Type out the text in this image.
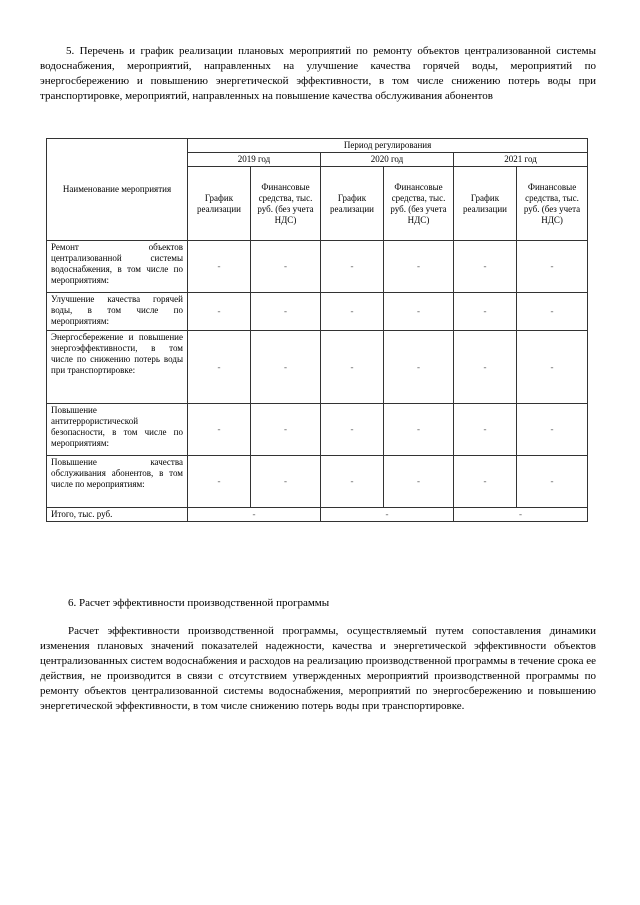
5. Перечень и график реализации плановых мероприятий по ремонту объектов централизованной системы водоснабжения, мероприятий, направленных на улучшение качества горячей воды, мероприятий по энергосбережению и повышению энергетической эффективности, в том числе снижению потерь воды при транспортировке, мероприятий, направленных на повышение качества обслуживания абонентов
Наименование мероприятия	Период регулирования					
	2019 год		2020 год		2021 год	
	График реализации	Финансовые средства, тыс. руб. (без учета НДС)	График реализации	Финансовые средства, тыс. руб. (без учета НДС)	График реализации	Финансовые средства, тыс. руб. (без учета НДС)
Ремонт объектов централизованной системы водоснабжения, в том числе по мероприятиям:	-	-	-	-	-	-
Улучшение качества горячей воды, в том числе по мероприятиям:	-	-	-	-	-	-
Энергосбережение и повышение энергоэффективности, в том числе по снижению потерь воды при транспортировке:	-	-	-	-	-	-
Повышение антитеррористической безопасности, в том числе по мероприятиям:	-	-	-	-	-	-
Повышение качества обслуживания абонентов, в том числе по мероприятиям:	-	-	-	-	-	-
Итого, тыс. руб.	-		-		-	
6. Расчет эффективности производственной программы
Расчет эффективности производственной программы, осуществляемый путем сопоставления динамики изменения плановых значений показателей надежности, качества и энергетической эффективности объектов централизованных систем водоснабжения и расходов на реализацию производственной программы в течение срока ее действия, не производится в связи с отсутствием утвержденных мероприятий производственной программы по ремонту объектов централизованной системы водоснабжения, мероприятий по энергосбережению и повышению энергетической эффективности, в том числе снижению потерь воды при транспортировке.
